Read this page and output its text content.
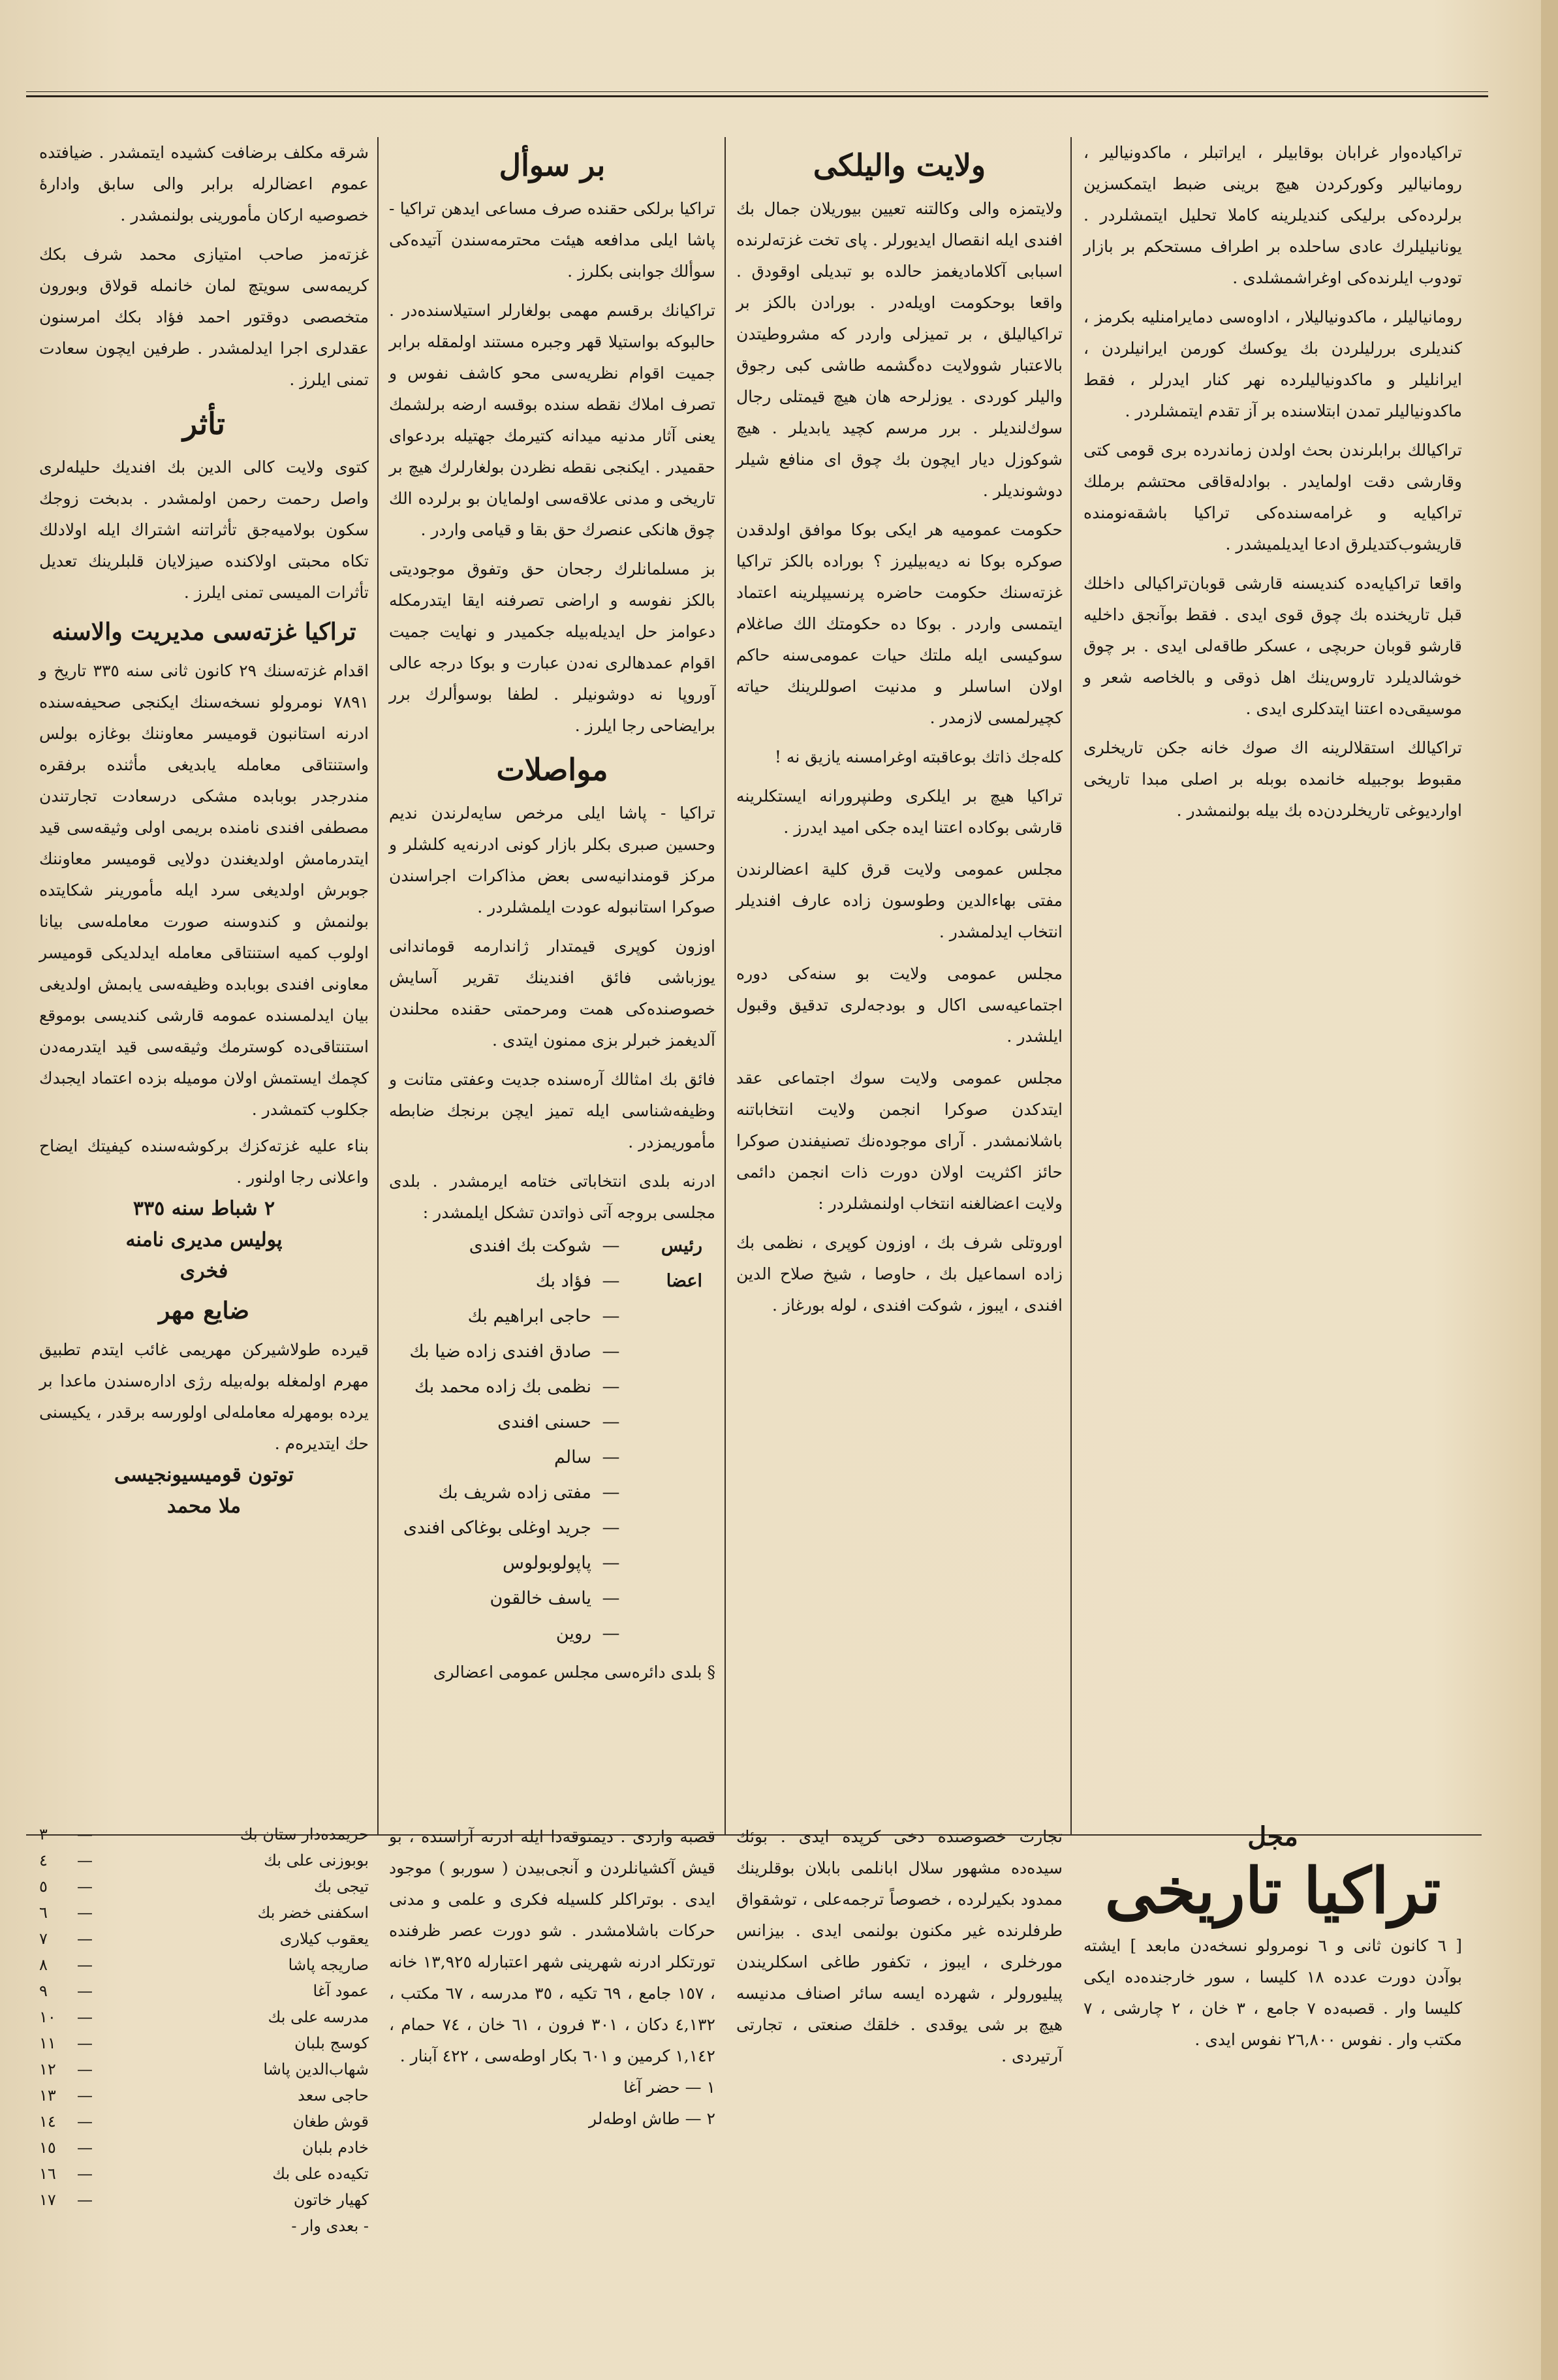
تراكيا‌ده‌وار غرابان بوقابيلر ، ايراتبلر ، ماكدونيالير ، رومانيالير وكوركردن هيچ برينی ضبط ايتمكسزين برلردە‌كی برليكی كنديلرينه كاملا تحليل ايتمشلردر . يونانيليلرك عادی ساحلده بر اطراف مستحكم بر بازار تودوب ايلرنده‌كی اوغراشمشلدی .
رومانيالیلر ، ماكدونيالیلار ، اداوه‌سی دمايرامنليه بكرمز ، كنديلری بررليلردن بك يوكسك كورمن ايرانيلردن ، ايرانليلر و ماكدونيالیلرده نهر كنار ايدرلر ، فقط ماكدونيالیلر تمدن ابتلاسنده بر آز تقدم ايتمشلردر .
تراكيالك برابلرندن بحث اولدن زماندرده بری قومی كتی وقارشی دقت اولمايدر . بوادله‌قاقی محتشم برملك تراكيايه و غرامه‌سنده‌كی تراكيا باشقه‌نومنده قاريشوب‌كتديلرق ادعا ايديلميشدر .
واقعا تراكيايەده كنديسنه قارشی قوبان‌تراكيالی داخلك قبل تاريخنده بك چوق قوی ايدی . فقط بوآنجق داخليه قارشو قوبان حربچی ، عسكر طاقه‌لی ايدی . بر چوق خوشالديلرد تاروس‌ينك اهل ذوقی و بالخاصه شعر و موسيقی‌ده اعتنا ايتدكلری ايدی .
تراكيالك استقلالرينه اك صوك خانه جكن تاريخلری مقبوط بوجبيله خانمده بوبله بر اصلی مبدا تاريخی اوارديوغی تاريخلردن‌ده بك بيله بولنمشدر .
ولايت واليلكی
ولايتمزه والی وكالتنه تعيين بيوريلان جمال بك افندی ايله انقصال ايديورلر . پای تخت غزته‌لرنده اسبابی آكلاماديغمز حالده بو تبديلی اوقودق . واقعا بوحكومت اويله‌در . بورادن بالكز بر تراكيالیلق ، بر تميزلی واردر كه مشروطيتدن بالاعتبار شوولايت دەگشمە طاشی كبی رجوق واليلر كوردی . يوزلرحه هان هيچ قيمتلی رجال سوك‌لنديلر . برر مرسم كچيد يابديلر . هيچ شوكوزل ديار ايچون بك چوق ای منافع شيلر دوشونديلر .
حكومت عموميه هر ايكی بوكا موافق اولدقدن صوكره بوكا نه ديه‌بيليرز ؟ بوراده بالكز تراكيا غزته‌سنك حكومت حاضره پرنسيپلرينه اعتماد ايتمسی واردر . بوكا ده حكومتك الك صاغلام سوكيسی ايله ملتك حيات عمومی‌سنه حاكم اولان اساسلر و مدنيت اصوللرينك حياته كچيرلمسی لازمدر .
كلەجك ذاتك بوعاقبته اوغرامسنه يازيق نه !
تراكيا هيچ بر ايلكری وطنپرورانه ايستكلرينه قارشی بوكاده اعتنا ايده جكی اميد ايدرز .
مجلس عمومی ولايت قرق كلية اعضالرندن مفتی بهاءالدين وطوسون زاده عارف افنديلر انتخاب ايدلمشدر .
مجلس عمومی ولايت بو سنه‌كی دوره اجتماعيه‌سی اكال و بودجه‌لری تدقيق وقبول ايلشدر .
مجلس عمومی ولايت سوك اجتماعی عقد ايتدكدن صوكرا انجمن ولايت انتخاباتنه باشلانمشدر . آرای موجوده‌نك تصنيفندن صوكرا حائز اكثريت اولان دورت ذات انجمن دائمی ولايت اعضالغنه انتخاب اولنمشلردر :
اوروتلی شرف بك ، اوزون كوپری ، نظمی بك زاده اسماعيل بك ، حاوصا ، شيخ صلاح الدين افندی ، ايبوز ، شوكت افندی ، لوله بورغاز .
بر سوأل
تراكيا برلكی حقنده صرف مساعی ايدهن تراكيا - پاشا ايلی مدافعه هيئت محترمه‌سندن آتيده‌كی سوألك جوابنی بكلرز .
تراكيانك برقسم مهمی بولغارلر استيلاسنده‌در . حالبوكه بواستيلا قهر وجبره مستند اولمقله برابر جميت اقوام نظريه‌سی محو كاشف نفوس و تصرف املاك نقطه سنده بوقسه ارضه برلشمك يعنی آثار مدنيه ميدانه كتيرمك جهتيله بردعوای حقميدر . ايكنجی نقطه نظردن بولغارلرك هيچ بر تاريخی و مدنی علاقه‌سی اولمايان بو برلرده الك چوق هانكی عنصرك حق بقا و قيامی واردر .
بز مسلمانلرك رجحان حق وتفوق موجوديتی بالكز نفوسه و اراضی تصرفنه ايقا ايتدرمكله دعوامز حل ايديله‌بيله جكميدر و نهايت جميت اقوام عمدهالری نه‌دن عبارت و بوكا درجه عالی آوروپا نه دوشونيلر . لطفا بوسوألرك برر برايضاحی رجا ايلرز .
مواصلات
تراكيا - پاشا ايلی مرخص سايه‌لرندن نديم وحسين صبری بكلر بازار كونی ادرنه‌يه كلشلر و مركز قومندانيه‌سی بعض مذاكرات اجراسندن صوكرا استانبوله عودت ايلمشلردر .
اوزون كوپری قيمتدار ژاندارمه قوماندانی يوزباشی فائق افندينك تقرير آسايش خصوصنده‌كی همت ومرحمتی حقنده محلندن آلديغمز خبرلر بزی ممنون ايتدی .
فائق بك امثالك آرەسنده جديت وعفتی متانت و وظيفه‌شناسی ايله تميز ايچن برنجك ضابطه مأموريمزدر .
ادرنه بلدی انتخاباتی ختامه ايرمشدر . بلدی مجلسی بروجه آتی ذواتدن تشكل ايلمشدر :
رئيس
—
شوكت بك افندی
اعضا
—
فؤاد بك
—
حاجی ابراهيم بك
—
صادق افندی زاده ضيا بك
—
نظمی بك زاده محمد بك
—
حسنی افندی
—
سالم
—
مفتی زاده شريف بك
—
جريد اوغلی بوغاكی افندی
—
پاپولوبولوس
—
ياسف خالقون
—
روين
§ بلدی دائره‌سی مجلس عمومی اعضالری
شرقه مكلف برضافت كشيده ايتمشدر . ضيافتده عموم اعضالرله برابر والی سابق وادارهٔ خصوصيه اركان مأمورينی بولنمشدر .
غزته‌مز صاحب امتيازی محمد شرف بكك كريمه‌سی سويتچ لمان خانمله قولاق وبورون متخصصی دوقتور احمد فؤاد بكك امرسنون عقدلری اجرا ايدلمشدر . طرفين ايچون سعادت تمنی ايلرز .
تأثر
كتوی ولايت كالی الدين بك افنديك حليله‌لری واصل رحمت رحمن اولمشدر . بدبخت زوجك سكون بولاميه‌جق تأثراتنه اشتراك ايله اولادلك تكاه محبتی اولاكنده صيزلايان قلبلرينك تعديل تأثرات الميسی تمنی ايلرز .
تراكيا غزته‌سی مديريت والاسنه
اقدام غزته‌سنك ٢٩ كانون ثانی سنه ٣٣٥ تاريخ و ٧٨٩١ نومرولو نسخه‌سنك ايكنجی صحيفه‌سنده ادرنه استانبون قوميسر معاوننك بوغازه بولس واستنتاقی معامله يابديغی مأثنده برفقره مندرجدر بوبابده مشكی درسعادت تجارتندن مصطفی افندی نامنده بريمی اولی وثيقه‌سی قيد ايتدرمامش اولديغندن دولايی قوميسر معاوننك جوبرش اولديغی سرد ايله مأمورينر شكايتده بولنمش و كندوسنه صورت معامله‌سی بيانا اولوب كميه استنتاقی معامله ايدلديكی قوميسر معاونی افندی بوبابده وظيفه‌سی يابمش اولديغی بيان ايدلمسنده عمومه قارشی كنديسی بوموقع استنتاقی‌ده كوسترمك وثيقه‌سی قيد ايتدرمه‌دن كچمك ايستمش اولان موميله بزده اعتماد ايجبدك جكلوب كتمشدر .
بناء عليه غزته‌كزك بركوشه‌سنده كيفيتك ايضاح واعلانی رجا اولنور .
٢ شباط سنه ٣٣٥
پوليس مديری نامنه
فخری
ضايع مهر
قيرده طولاشيركن مهريمی غائب ايتدم تطبيق مهرم اولمغله بوله‌بيله رژی ادارەسندن ماعدا بر يرده بومهرله معامله‌لی اولورسه برقدر ، يكيسنی حك ايتديرەم .
توتون قوميسيونجيسی
ملا محمد
مجل
تراكيا تاريخی
[ ٦ كانون ثانی و ٦ نومرولو نسخه‌دن مابعد ] ايشته بوآدن دورت عدده ١٨ كليسا ، سور خارجنده‌ده ايكی كليسا وار . قصبه‌ده ٧ جامع ، ٣ خان ، ٢ چارشی ، ٧ مكتب وار . نفوس ٢٦,٨٠٠ نفوس ايدی .
تجارت خصوصنده دخی كرپده ايدی . بوئك سيده‌ده مشهور سلال ابانلمی بابلان بوقلرينك ممدود بكيرلرده ، خصوصاً ترجمه‌علی ، توشقواق طرفلرنده غير مكنون بولنمی ايدی . بيزانس مورخلری ، ايبوز ، تكفور طاغی اسكلريندن پيليورولر ، شهرده ايسه سائر اصناف مدنيسه هيچ بر شی يوقدی . خلقك صنعتی ، تجارتی آرتيردی .
قصبه واردی . ديمتوقه‌دا ايله ادرنه آراسنده ، بو قيش آكشيانلردن و آنجی‌بيدن ( سوربو ) موجود ايدی . بوتراكلر كلسيله فكری و علمی و مدنی حركات باشلامشدر . شو دورت عصر ظرفنده تورتكلر ادرنه شهرينی شهر اعتبارله ١٣,٩٢٥ خانه ، ١٥٧ جامع ، ٦٩ تكيه ، ٣٥ مدرسه ، ٦٧ مكتب ، ٤,١٣٢ دكان ، ٣٠١ فرون ، ٦١ خان ، ٧٤ حمام ، ١,١٤٢ كرمين و ٦٠١ بكار اوطه‌سی ، ٤٢٢ آبنار .
١ — حضر آغا
٢ — طاش اوطه‌لر
حريمده‌دار ستان بك
—
٣
بوبوزنی علی بك
—
٤
تيجی بك
—
٥
اسكفنی خضر بك
—
٦
يعقوب كيلاری
—
٧
صاريجه پاشا
—
٨
عمود آغا
—
٩
مدرسه علی بك
—
١٠
كوسج بلبان
—
١١
شهاب‌الدين پاشا
—
١٢
حاجی سعد
—
١٣
قوش طغان
—
١٤
خادم بلبان
—
١٥
تكيه‌ده علی بك
—
١٦
كهيار خاتون
—
١٧
- بعدی وار -
